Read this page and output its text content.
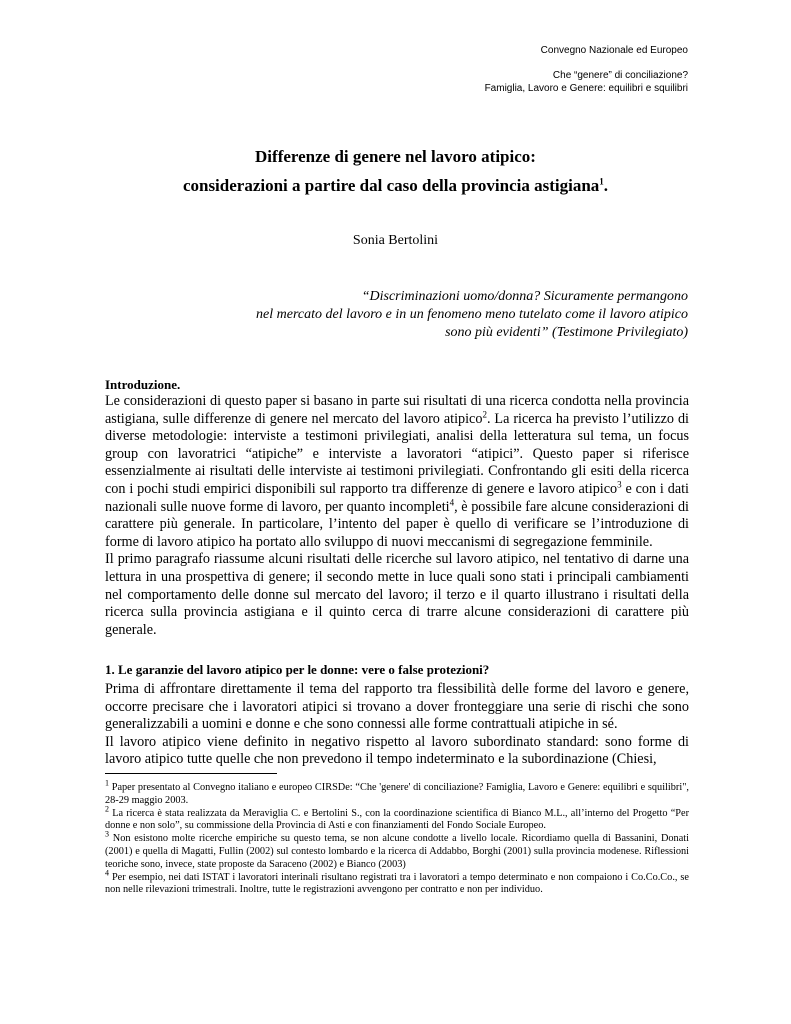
Convegno Nazionale ed Europeo
Che “genere” di conciliazione?
Famiglia, Lavoro e Genere: equilibri e squilibri
Differenze di genere nel lavoro atipico:
considerazioni a partire dal caso della provincia astigiana$^1$.
Sonia Bertolini
“Discriminazioni uomo/donna? Sicuramente permangono
nel mercato del lavoro e in un fenomeno meno tutelato come il lavoro atipico
sono più evidenti” (Testimone Privilegiato)
Introduzione.

Le considerazioni di questo paper si basano in parte sui risultati di una ricerca condotta nella provincia astigiana, sulle differenze di genere nel mercato del lavoro atipico$^2$. La ricerca ha previsto l’utilizzo di diverse metodologie: interviste a testimoni privilegiati, analisi della letteratura sul tema, un focus group con lavoratrici “atipiche” e interviste a lavoratori “atipici”. Questo paper si riferisce essenzialmente ai risultati delle interviste ai testimoni privilegiati. Confrontando gli esiti della ricerca con i pochi studi empirici disponibili sul rapporto tra differenze di genere e lavoro atipico$^3$ e con i dati nazionali sulle nuove forme di lavoro, per quanto incompleti$^4$, è possibile fare alcune considerazioni di carattere più generale. In particolare, l’intento del paper è quello di verificare se l’introduzione di forme di lavoro atipico ha portato allo sviluppo di nuovi meccanismi di segregazione femminile.

Il primo paragrafo riassume alcuni risultati delle ricerche sul lavoro atipico, nel tentativo di darne una lettura in una prospettiva di genere; il secondo mette in luce quali sono stati i principali cambiamenti nel comportamento delle donne sul mercato del lavoro; il terzo e il quarto illustrano i risultati della ricerca sulla provincia astigiana e il quinto cerca di trarre alcune considerazioni di carattere più generale.

1. Le garanzie del lavoro atipico per le donne: vere o false protezioni?

Prima di affrontare direttamente il tema del rapporto tra flessibilità delle forme del lavoro e genere, occorre precisare che i lavoratori atipici si trovano a dover fronteggiare una serie di rischi che sono generalizzabili a uomini e donne e che sono connessi alle forme contrattuali atipiche in sé.

Il lavoro atipico viene definito in negativo rispetto al lavoro subordinato standard: sono forme di lavoro atipico tutte quelle che non prevedono il tempo indeterminato e la subordinazione (Chiesi,

$^1$ Paper presentato al Convegno italiano e europeo CIRSDe: “Che 'genere' di conciliazione? Famiglia, Lavoro e Genere: equilibri e squilibri", 28-29 maggio 2003.

$^2$ La ricerca è stata realizzata da Meraviglia C. e Bertolini S., con la coordinazione scientifica di Bianco M.L., all’interno del Progetto “Per donne e non solo”, su commissione della Provincia di Asti e con finanziamenti del Fondo Sociale Europeo.

$^3$ Non esistono molte ricerche empiriche su questo tema, se non alcune condotte a livello locale. Ricordiamo quella di Bassanini, Donati (2001) e quella di Magatti, Fullin (2002) sul contesto lombardo e la ricerca di Addabbo, Borghi (2001) sulla provincia modenese. Riflessioni teoriche sono, invece, state proposte da Saraceno (2002) e Bianco (2003)

$^4$ Per esempio, nei dati ISTAT i lavoratori interinali risultano registrati tra i lavoratori a tempo determinato e non compaiono i Co.Co.Co., se non nelle rilevazioni trimestrali. Inoltre, tutte le registrazioni avvengono per contratto e non per individuo.
